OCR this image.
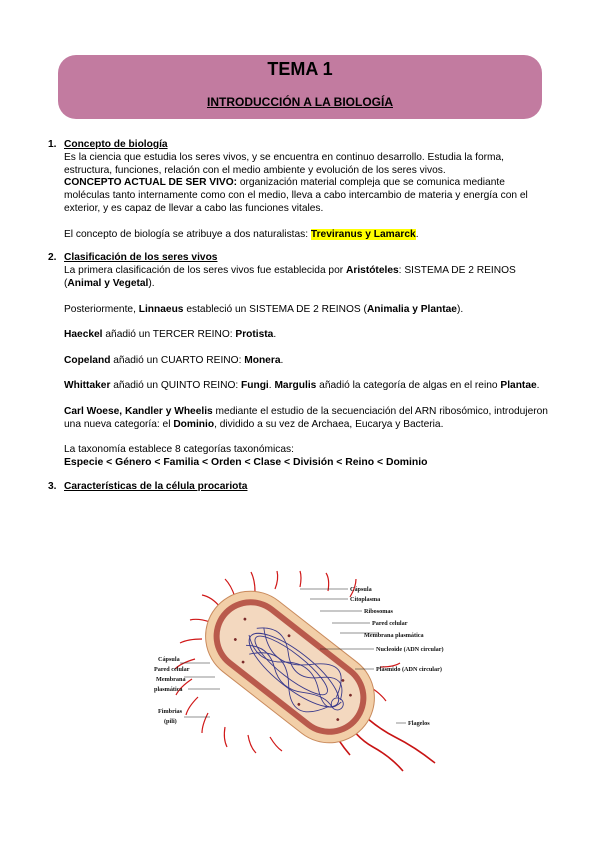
TEMA 1
INTRODUCCIÓN A LA BIOLOGÍA
1. Concepto de biología

Es la ciencia que estudia los seres vivos, y se encuentra en continuo desarrollo. Estudia la forma, estructura, funciones, relación con el medio ambiente y evolución de los seres vivos.

CONCEPTO ACTUAL DE SER VIVO: organización material compleja que se comunica mediante moléculas tanto internamente como con el medio, lleva a cabo intercambio de materia y energía con el exterior, y es capaz de llevar a cabo las funciones vitales.

El concepto de biología se atribuye a dos naturalistas: Treviranus y Lamarck.

2. Clasificación de los seres vivos

La primera clasificación de los seres vivos fue establecida por Aristóteles: SISTEMA DE 2 REINOS (Animal y Vegetal).

Posteriormente, Linnaeus estableció un SISTEMA DE 2 REINOS (Animalia y Plantae).

Haeckel añadió un TERCER REINO: Protista.

Copeland añadió un CUARTO REINO: Monera.

Whittaker añadió un QUINTO REINO: Fungi. Margulis añadió la categoría de algas en el reino Plantae.

Carl Woese, Kandler y Wheelis mediante el estudio de la secuenciación del ARN ribosómico, introdujeron una nueva categoría: el Dominio, dividido a su vez de Archaea, Eucarya y Bacteria.

La taxonomía establece 8 categorías taxonómicas:

Especie < Género < Familia < Orden < Clase < División < Reino < Dominio

3. Características de la célula procariota
Cápsula
Citoplasma
Ribosomas
Pared celular
Membrana plasmática
Nucleoide (ADN circular)
Plásmido (ADN circular)
Flagelos
Cápsula
Pared celular
Membrana
plasmática
Fimbrias
(pili)
